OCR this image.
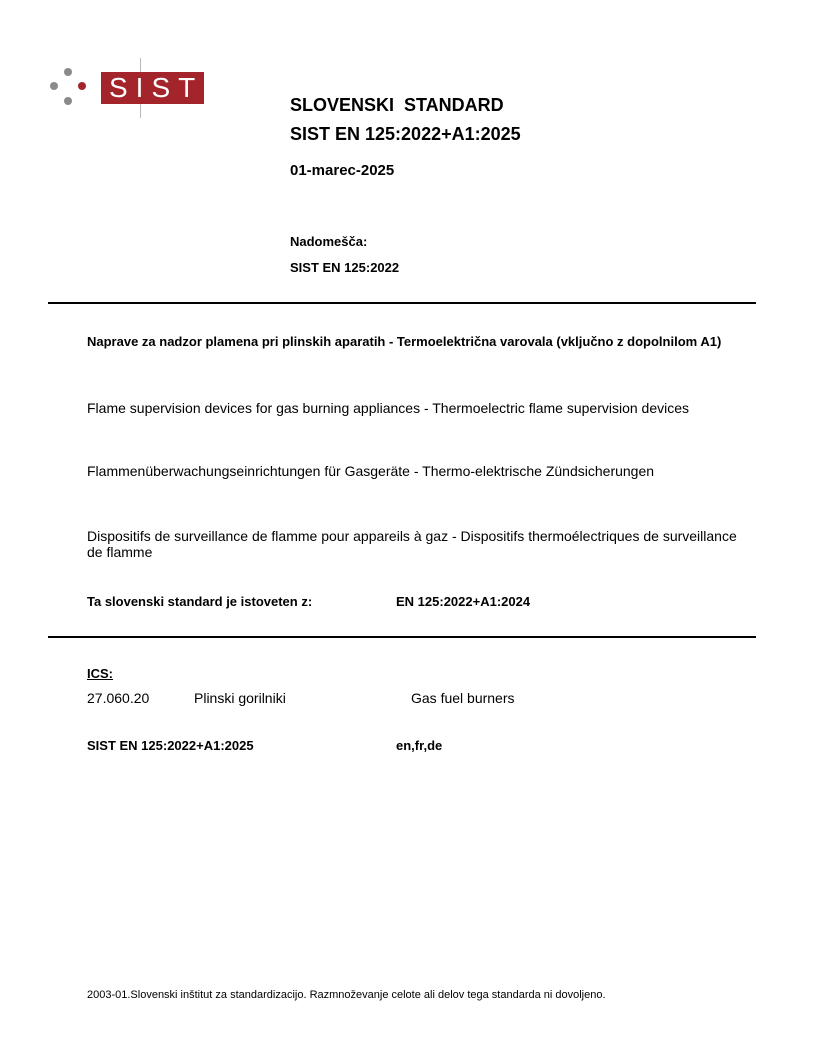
SIST
SLOVENSKI  STANDARD
SIST EN 125:2022+A1:2025
01-marec-2025
Nadomešča:
SIST EN 125:2022
Naprave za nadzor plamena pri plinskih aparatih - Termoelektrična varovala (vključno z dopolnilom A1)
Flame supervision devices for gas burning appliances - Thermoelectric flame supervision devices
Flammenüberwachungseinrichtungen für Gasgeräte - Thermo-elektrische Zündsicherungen
Dispositifs de surveillance de flamme pour appareils à gaz - Dispositifs thermoélectriques de surveillance de flamme
Ta slovenski standard je istoveten z:	EN 125:2022+A1:2024
ICS:
27.060.20	Plinski gorilniki	Gas fuel burners
SIST EN 125:2022+A1:2025	en,fr,de
2003-01.Slovenski inštitut za standardizacijo. Razmnoževanje celote ali delov tega standarda ni dovoljeno.
